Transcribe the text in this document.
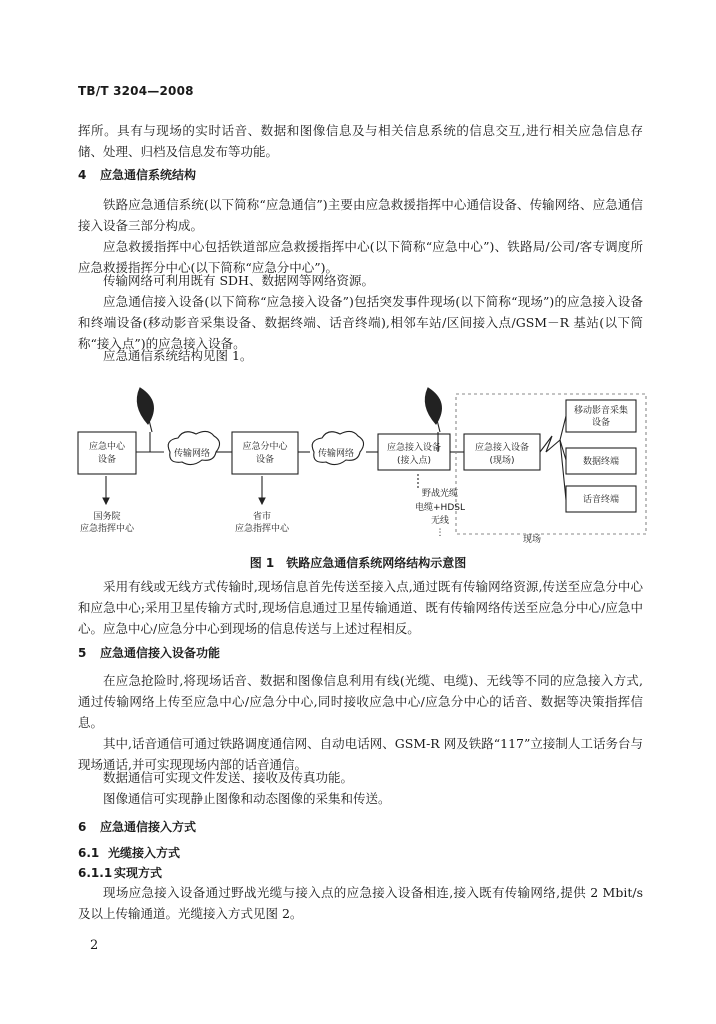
TB/T 3204—2008
挥所。具有与现场的实时话音、数据和图像信息及与相关信息系统的信息交互,进行相关应急信息存储、处理、归档及信息发布等功能。
4 应急通信系统结构
铁路应急通信系统(以下简称“应急通信”)主要由应急救援指挥中心通信设备、传输网络、应急通信接入设备三部分构成。
应急救援指挥中心包括铁道部应急救援指挥中心(以下简称“应急中心”)、铁路局/公司/客专调度所应急救援指挥分中心(以下简称“应急分中心”)。
传输网络可利用既有 SDH、数据网等网络资源。
应急通信接入设备(以下简称“应急接入设备”)包括突发事件现场(以下简称“现场”)的应急接入设备和终端设备(移动影音采集设备、数据终端、话音终端),相邻车站/区间接入点/GSM－R 基站(以下简称“接入点”)的应急接入设备。
应急通信系统结构见图 1。
应急中心
设备
应急分中心
设备
应急接入设备
(接入点)
应急接入设备
(现场)
移动影音采集
设备
数据终端
话音终端
传输网络	传输网络
国务院
应急指挥中心
省市
应急指挥中心
野战光缆
电缆+HDSL
无线
⋮
现场
图 1　铁路应急通信系统网络结构示意图
采用有线或无线方式传输时,现场信息首先传送至接入点,通过既有传输网络资源,传送至应急分中心和应急中心;采用卫星传输方式时,现场信息通过卫星传输通道、既有传输网络传送至应急分中心/应急中心。应急中心/应急分中心到现场的信息传送与上述过程相反。
5 应急通信接入设备功能
在应急抢险时,将现场话音、数据和图像信息利用有线(光缆、电缆)、无线等不同的应急接入方式,通过传输网络上传至应急中心/应急分中心,同时接收应急中心/应急分中心的话音、数据等决策指挥信息。
其中,话音通信可通过铁路调度通信网、自动电话网、GSM-R 网及铁路“117”立接制人工话务台与现场通话,并可实现现场内部的话音通信。
数据通信可实现文件发送、接收及传真功能。
图像通信可实现静止图像和动态图像的采集和传送。
6 应急通信接入方式
6.1 光缆接入方式
6.1.1 实现方式
现场应急接入设备通过野战光缆与接入点的应急接入设备相连,接入既有传输网络,提供 2 Mbit/s 及以上传输通道。光缆接入方式见图 2。
2
